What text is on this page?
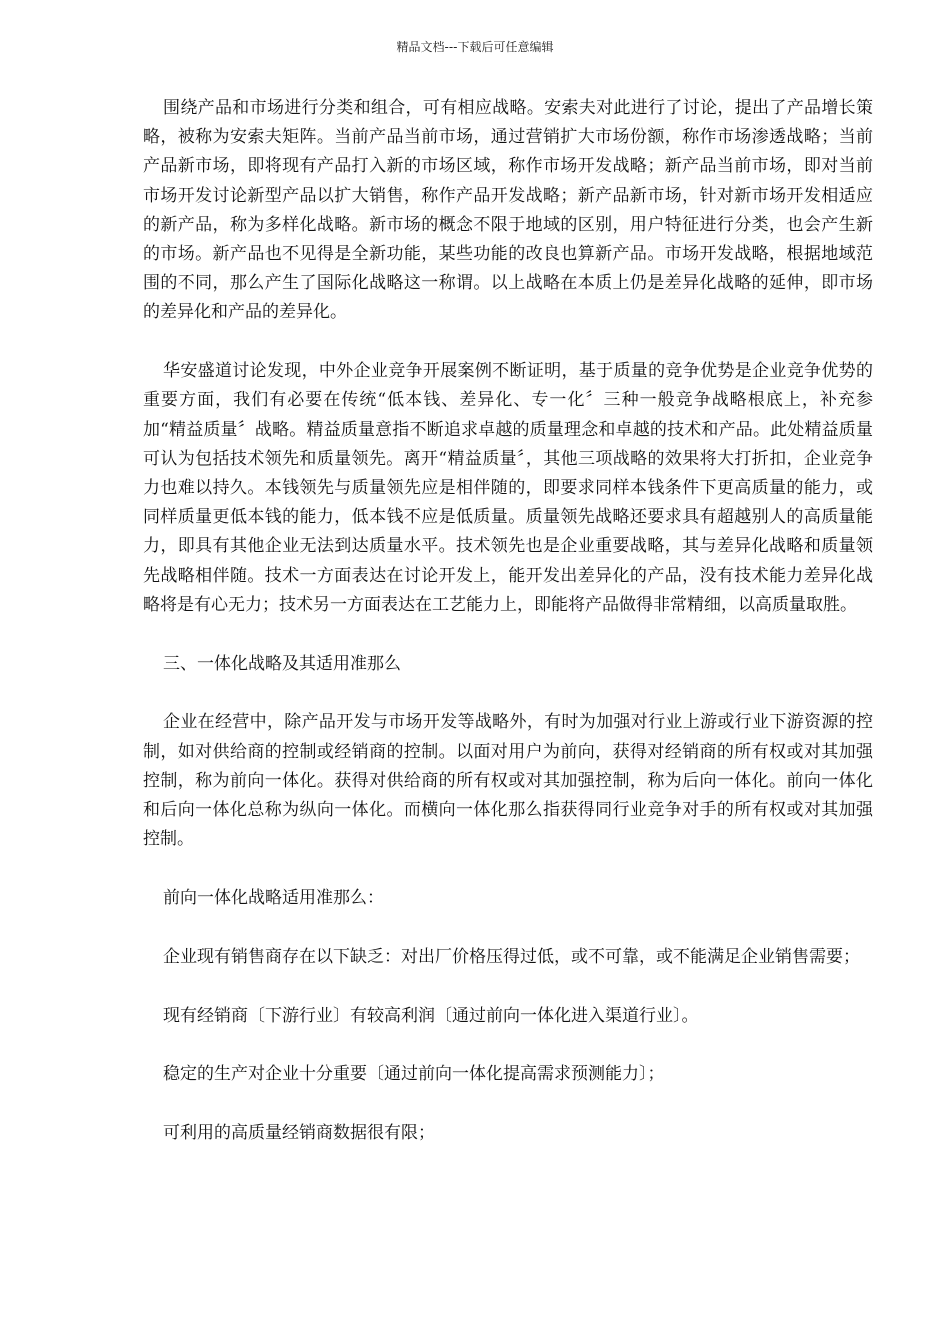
精品文档---下载后可任意编辑

围绕产品和市场进行分类和组合，可有相应战略。安索夫对此进行了讨论，提出了产品增长策略，被称为安索夫矩阵。当前产品当前市场，通过营销扩大市场份额，称作市场渗透战略；当前产品新市场，即将现有产品打入新的市场区域，称作市场开发战略；新产品当前市场，即对当前市场开发讨论新型产品以扩大销售，称作产品开发战略；新产品新市场，针对新市场开发相适应的新产品，称为多样化战略。新市场的概念不限于地域的区别，用户特征进行分类，也会产生新的市场。新产品也不见得是全新功能，某些功能的改良也算新产品。市场开发战略，根据地域范围的不同，那么产生了国际化战略这一称谓。以上战略在本质上仍是差异化战略的延伸，即市场的差异化和产品的差异化。

华安盛道讨论发现，中外企业竞争开展案例不断证明，基于质量的竞争优势是企业竞争优势的重要方面，我们有必要在传统“低本钱、差异化、专一化〞三种一般竞争战略根底上，补充参加“精益质量〞战略。精益质量意指不断追求卓越的质量理念和卓越的技术和产品。此处精益质量可认为包括技术领先和质量领先。离开“精益质量〞，其他三项战略的效果将大打折扣，企业竞争力也难以持久。本钱领先与质量领先应是相伴随的，即要求同样本钱条件下更高质量的能力，或同样质量更低本钱的能力，低本钱不应是低质量。质量领先战略还要求具有超越别人的高质量能力，即具有其他企业无法到达质量水平。技术领先也是企业重要战略，其与差异化战略和质量领先战略相伴随。技术一方面表达在讨论开发上，能开发出差异化的产品，没有技术能力差异化战略将是有心无力；技术另一方面表达在工艺能力上，即能将产品做得非常精细，以高质量取胜。

三、一体化战略及其适用准那么

企业在经营中，除产品开发与市场开发等战略外，有时为加强对行业上游或行业下游资源的控制，如对供给商的控制或经销商的控制。以面对用户为前向，获得对经销商的所有权或对其加强控制，称为前向一体化。获得对供给商的所有权或对其加强控制，称为后向一体化。前向一体化和后向一体化总称为纵向一体化。而横向一体化那么指获得同行业竞争对手的所有权或对其加强控制。

前向一体化战略适用准那么：

企业现有销售商存在以下缺乏：对出厂价格压得过低，或不可靠，或不能满足企业销售需要；

现有经销商〔下游行业〕有较高利润〔通过前向一体化进入渠道行业〕。

稳定的生产对企业十分重要〔通过前向一体化提高需求预测能力〕；

可利用的高质量经销商数据很有限；
